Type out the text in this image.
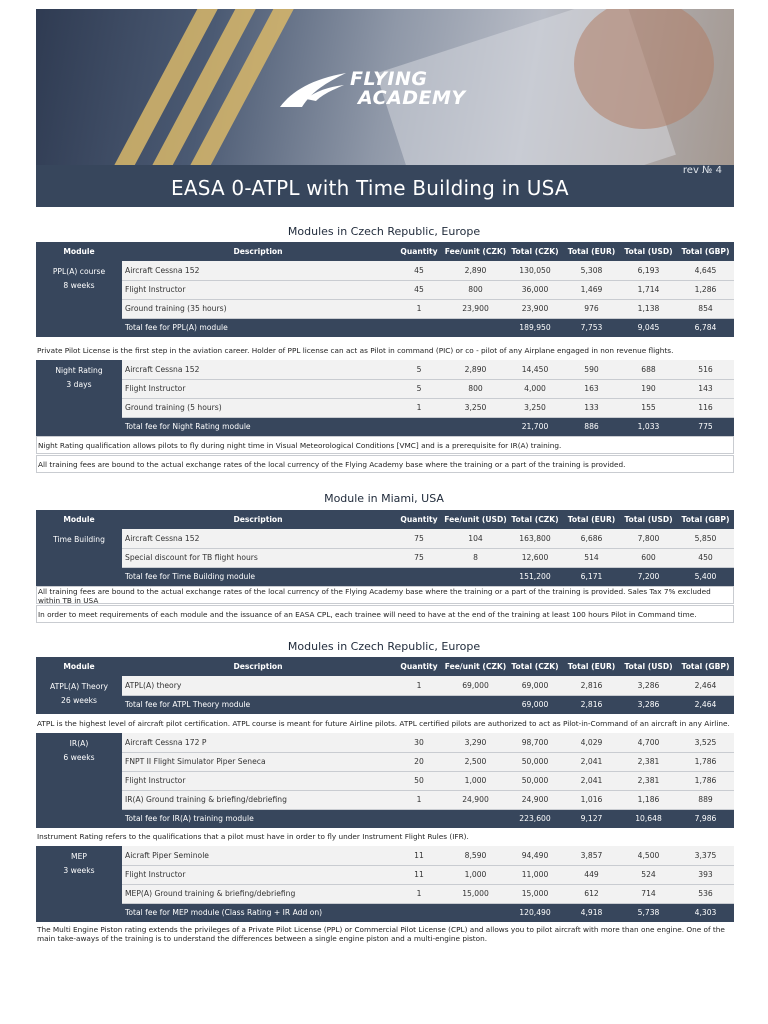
FLYING
ACADEMY
rev № 4
EASA 0-ATPL with Time Building in USA
Modules in Czech Republic, Europe
Module	Description	Quantity	Fee/unit (CZK)	Total (CZK)	Total (EUR)	Total (USD)	Total (GBP)

PPL(A) course
8 weeks	Aircraft Cessna 152	45	2,890	130,050	5,308	6,193	4,645
	Flight Instructor	45	800	36,000	1,469	1,714	1,286
	Ground training (35 hours)	1	23,900	23,900	976	1,138	854
	Total fee for PPL(A) module			189,950	7,753	9,045	6,784
Private Pilot License is the first step in the aviation career. Holder of PPL license can act as Pilot in command (PIC) or co - pilot of any Airplane engaged in non revenue flights.
Night Rating
3 days	Aircraft Cessna 152	5	2,890	14,450	590	688	516
	Flight Instructor	5	800	4,000	163	190	143
	Ground training (5 hours)	1	3,250	3,250	133	155	116
	Total fee for Night Rating module			21,700	886	1,033	775
Night Rating qualification allows pilots to fly during night time in Visual Meteorological Conditions [VMC] and is a prerequisite for IR(A) training.
All training fees are bound to the actual exchange rates of the local currency of the Flying Academy base where the training or a part of the training is provided.
Module in Miami, USA
Module	Description	Quantity	Fee/unit (USD)	Total (CZK)	Total (EUR)	Total (USD)	Total (GBP)

Time Building	Aircraft Cessna 152	75	104	163,800	6,686	7,800	5,850
	Special discount for TB flight hours	75	8	12,600	514	600	450
	Total fee for Time Building module			151,200	6,171	7,200	5,400
All training fees are bound to the actual exchange rates of the local currency of the Flying Academy base where the training or a part of the training is provided. Sales Tax 7% excluded within TB in USA
In order to meet requirements of each module and the issuance of an EASA CPL, each trainee will need to have at the end of the training at least 100 hours Pilot in Command time.
Modules in Czech Republic, Europe
Module	Description	Quantity	Fee/unit (CZK)	Total (CZK)	Total (EUR)	Total (USD)	Total (GBP)

ATPL(A) Theory
26 weeks	ATPL(A) theory	1	69,000	69,000	2,816	3,286	2,464
	Total fee for ATPL Theory module			69,000	2,816	3,286	2,464
ATPL is the highest level of aircraft pilot certification. ATPL course is meant for future Airline pilots. ATPL certified pilots are authorized to act as Pilot-in-Command of an aircraft in any Airline.
IR(A)
6 weeks	Aircraft Cessna 172 P	30	3,290	98,700	4,029	4,700	3,525
	FNPT II Flight Simulator Piper Seneca	20	2,500	50,000	2,041	2,381	1,786
	Flight Instructor	50	1,000	50,000	2,041	2,381	1,786
	IR(A) Ground training & briefing/debriefing	1	24,900	24,900	1,016	1,186	889
	Total fee for IR(A) training module			223,600	9,127	10,648	7,986
Instrument Rating refers to the qualifications that a pilot must have in order to fly under Instrument Flight Rules (IFR).
MEP
3 weeks	Aicraft Piper Seminole	11	8,590	94,490	3,857	4,500	3,375
	Flight Instructor	11	1,000	11,000	449	524	393
	MEP(A) Ground training & briefing/debriefing	1	15,000	15,000	612	714	536
	Total fee for MEP module (Class Rating + IR Add on)			120,490	4,918	5,738	4,303
The Multi Engine Piston rating extends the privileges of a Private Pilot License (PPL) or Commercial Pilot License (CPL) and allows you to pilot aircraft with more than one engine. One of the main take-aways of the training is to understand the differences between a single engine piston and a multi-engine piston.
